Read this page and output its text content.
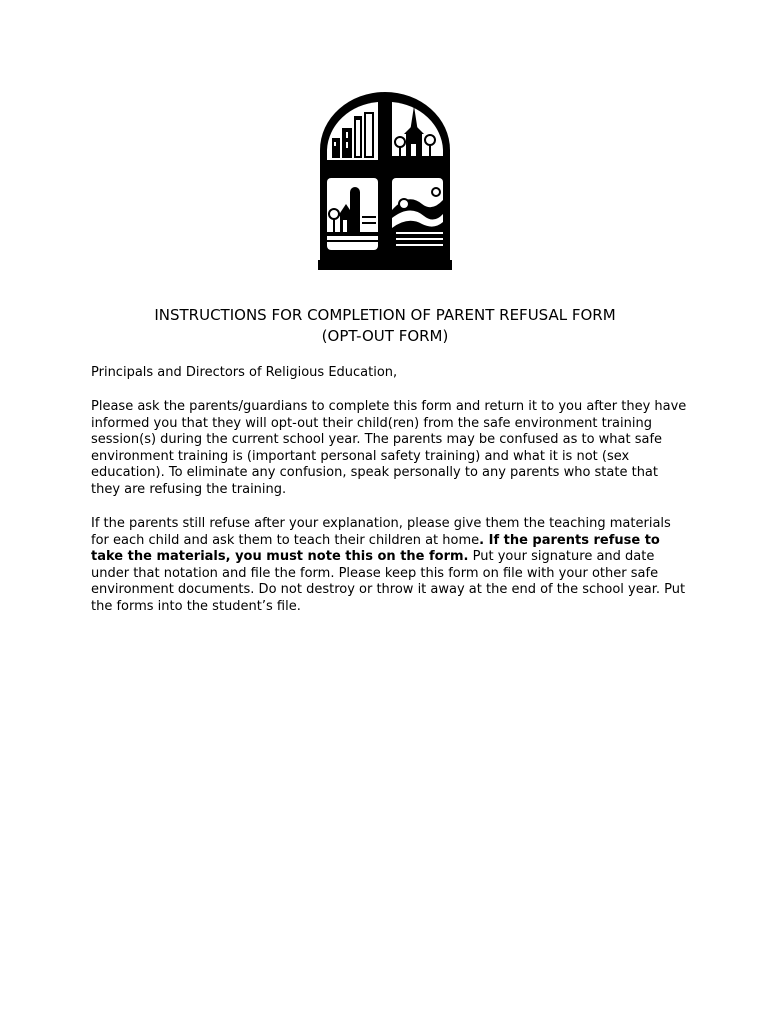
INSTRUCTIONS FOR COMPLETION OF PARENT REFUSAL FORM
(OPT-OUT FORM)

Principals and Directors of Religious Education,

Please ask the parents/guardians to complete this form and return it to you after they have informed you that they will opt-out their child(ren) from the safe environment training session(s) during the current school year. The parents may be confused as to what safe environment training is (important personal safety training) and what it is not (sex education). To eliminate any confusion, speak personally to any parents who state that they are refusing the training.

If the parents still refuse after your explanation, please give them the teaching materials for each child and ask them to teach their children at home. If the parents refuse to take the materials, you must note this on the form. Put your signature and date under that notation and file the form. Please keep this form on file with your other safe environment documents. Do not destroy or throw it away at the end of the school year. Put the forms into the student’s file.
